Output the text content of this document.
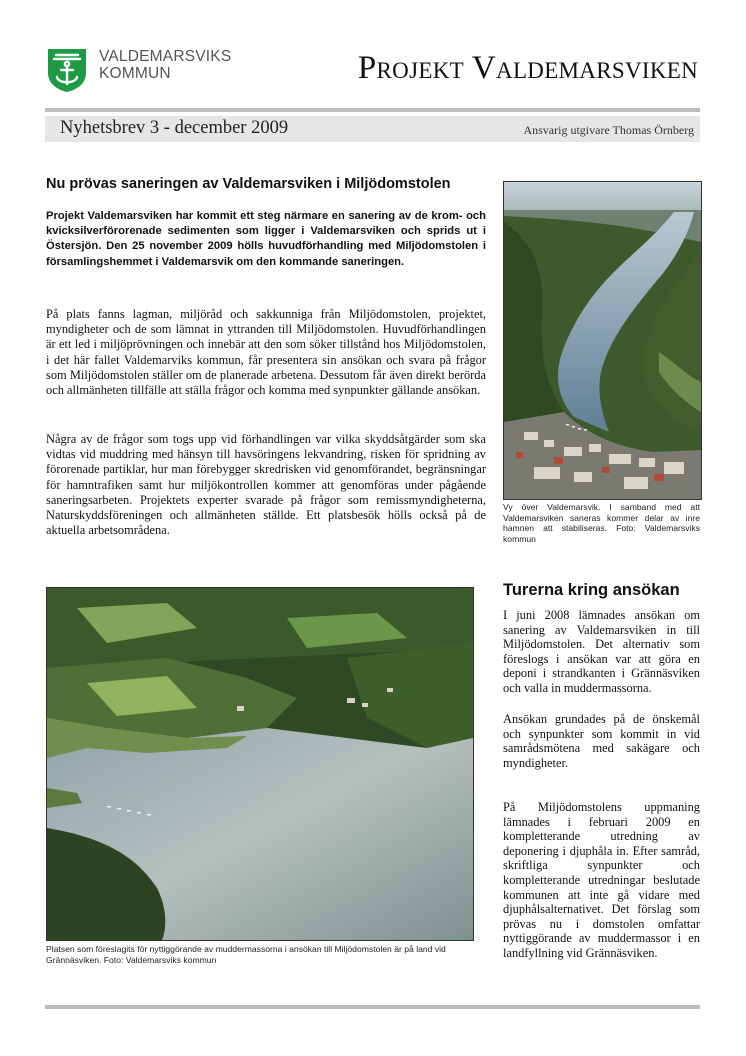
VALDEMARSVIKS
KOMMUN	Projekt Valdemarsviken
Nyhetsbrev 3 - december 2009	Ansvarig utgivare Thomas Örnberg
Nu prövas saneringen av Valdemarsviken i Miljödomstolen

Projekt Valdemarsviken har kommit ett steg närmare en sanering av de krom- och kvicksilverförorenade sedimenten som ligger i Valdemarsviken och sprids ut i Östersjön. Den 25 november 2009 hölls huvudförhandling med Miljödomstolen i församlingshemmet i Valdemarsvik om den kommande saneringen.

På plats fanns lagman, miljöråd och sakkunniga från Miljödomstolen, projektet, myndigheter och de som lämnat in yttranden till Miljödomstolen. Huvudförhandlingen är ett led i miljöprövningen och innebär att den som söker tillstånd hos Miljödomstolen, i det här fallet Valdemarviks kommun, får presentera sin ansökan och svara på frågor som Miljödomstolen ställer om de planerade arbetena. Dessutom får även direkt berörda och allmänheten tillfälle att ställa frågor och komma med synpunkter gällande ansökan.

Några av de frågor som togs upp vid förhandlingen var vilka skyddsåtgärder som ska vidtas vid muddring med hänsyn till havsöringens lekvandring, risken för spridning av förorenade partiklar, hur man förebygger skredrisken vid genomförandet, begränsningar för hamntrafiken samt hur miljökontrollen kommer att genomföras under pågående saneringsarbeten. Projektets experter svarade på frågor som remissmyndigheterna, Naturskyddsföreningen och allmänheten ställde. Ett platsbesök hölls också på de aktuella arbetsområdena.

Vy över Valdemarsvik. I samband med att Valdemarsviken saneras kommer delar av inre hamnen att stabiliseras. Foto: Valdemarsviks kommun
Platsen som föreslagits för nyttiggörande av muddermassorna i ansökan till Miljödomstolen är på land vid Grännäsviken. Foto: Valdemarsviks kommun
Turerna kring ansökan

I juni 2008 lämnades ansökan om sanering av Valdemarsviken in till Miljödomstolen. Det alternativ som föreslogs i ansökan var att göra en deponi i strandkanten i Grännäsviken och valla in muddermassorna.

Ansökan grundades på de önskemål och synpunkter som kommit in vid samrådsmötena med sakägare och myndigheter.

På Miljödomstolens uppmaning lämnades i februari 2009 en kompletterande utredning av deponering i djuphåla in. Efter samråd, skriftliga synpunkter och kompletterande utredningar beslutade kommunen att inte gå vidare med djuphålsalternativet. Det förslag som prövas nu i domstolen omfattar nyttiggörande av muddermassor i en landfyllning vid Grännäsviken.
